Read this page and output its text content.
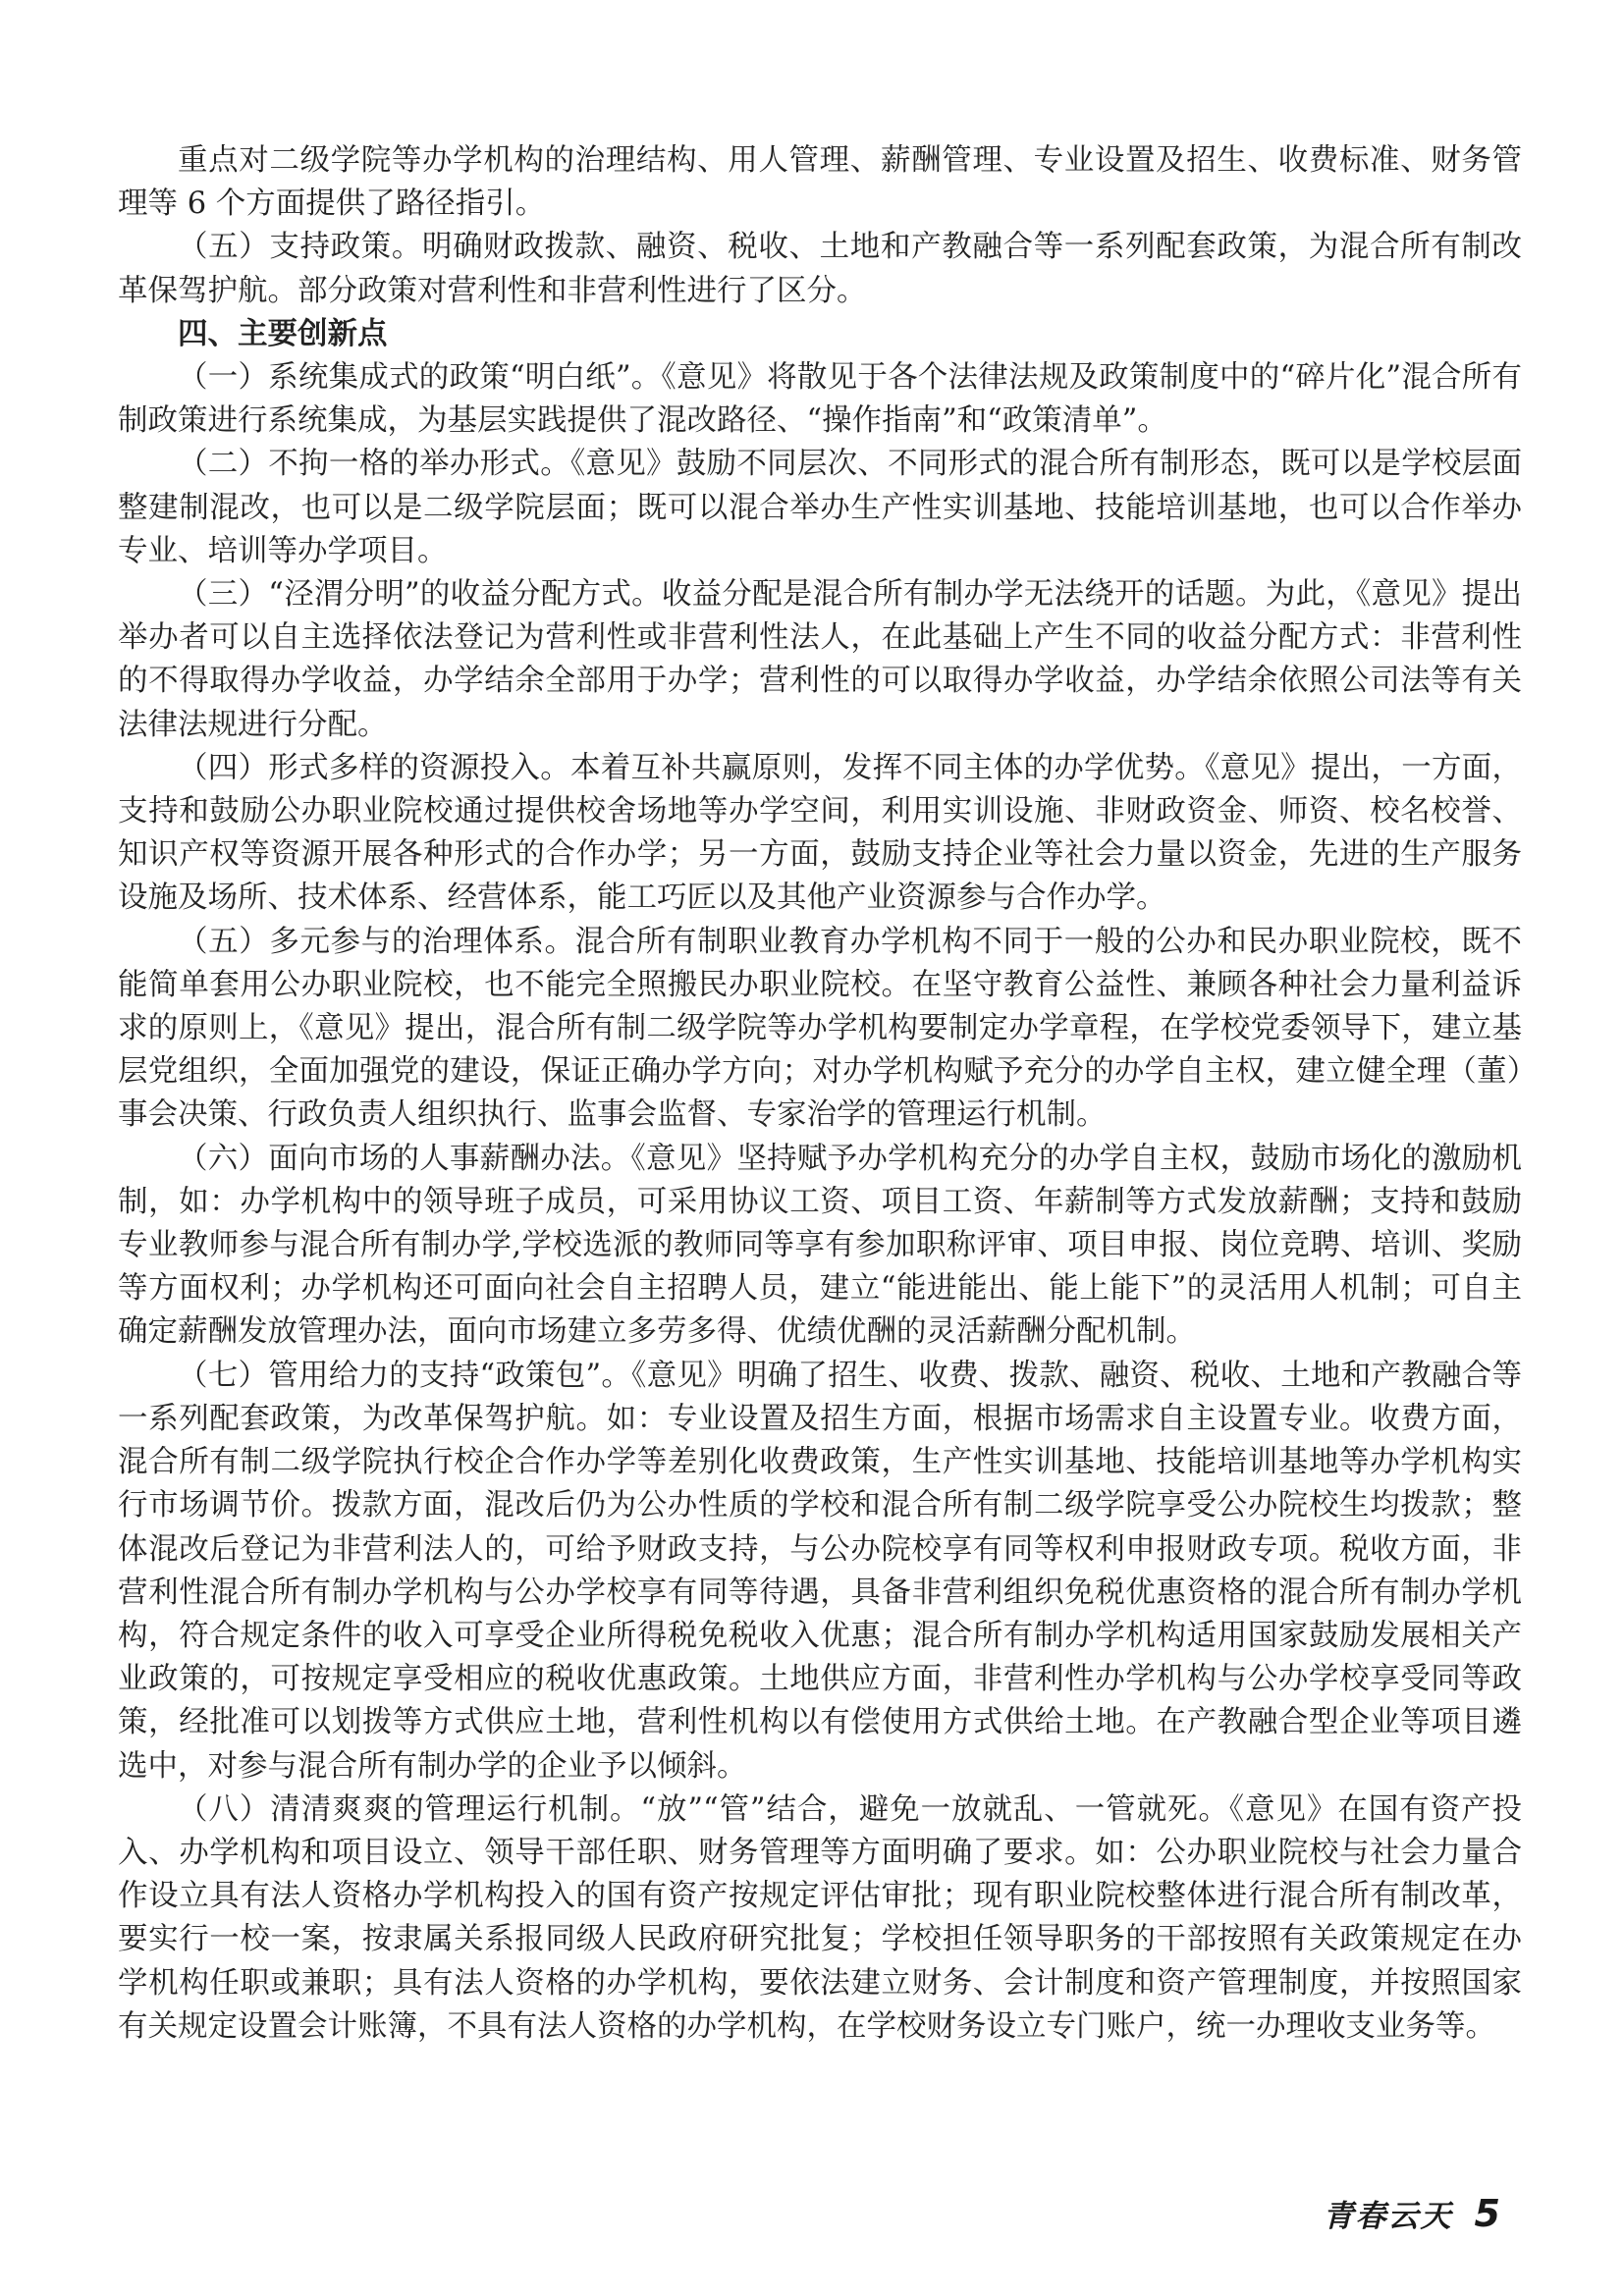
重点对二级学院等办学机构的治理结构、用人管理、薪酬管理、专业设置及招生、收费标准、财务管理等 6 个方面提供了路径指引。

（五）支持政策。明确财政拨款、融资、税收、土地和产教融合等一系列配套政策，为混合所有制改革保驾护航。部分政策对营利性和非营利性进行了区分。

四、主要创新点

（一）系统集成式的政策“明白纸”。《意见》将散见于各个法律法规及政策制度中的“碎片化”混合所有制政策进行系统集成，为基层实践提供了混改路径、“操作指南”和“政策清单”。

（二）不拘一格的举办形式。《意见》鼓励不同层次、不同形式的混合所有制形态，既可以是学校层面整建制混改，也可以是二级学院层面；既可以混合举办生产性实训基地、技能培训基地，也可以合作举办专业、培训等办学项目。

（三）“泾渭分明”的收益分配方式。收益分配是混合所有制办学无法绕开的话题。为此，《意见》提出举办者可以自主选择依法登记为营利性或非营利性法人，在此基础上产生不同的收益分配方式：非营利性的不得取得办学收益，办学结余全部用于办学；营利性的可以取得办学收益，办学结余依照公司法等有关法律法规进行分配。

（四）形式多样的资源投入。本着互补共赢原则，发挥不同主体的办学优势。《意见》提出，一方面，支持和鼓励公办职业院校通过提供校舍场地等办学空间，利用实训设施、非财政资金、师资、校名校誉、知识产权等资源开展各种形式的合作办学；另一方面，鼓励支持企业等社会力量以资金，先进的生产服务设施及场所、技术体系、经营体系，能工巧匠以及其他产业资源参与合作办学。

（五）多元参与的治理体系。混合所有制职业教育办学机构不同于一般的公办和民办职业院校，既不能简单套用公办职业院校，也不能完全照搬民办职业院校。在坚守教育公益性、兼顾各种社会力量利益诉求的原则上，《意见》提出，混合所有制二级学院等办学机构要制定办学章程，在学校党委领导下，建立基层党组织，全面加强党的建设，保证正确办学方向；对办学机构赋予充分的办学自主权，建立健全理（董）事会决策、行政负责人组织执行、监事会监督、专家治学的管理运行机制。

（六）面向市场的人事薪酬办法。《意见》坚持赋予办学机构充分的办学自主权，鼓励市场化的激励机制，如：办学机构中的领导班子成员，可采用协议工资、项目工资、年薪制等方式发放薪酬；支持和鼓励专业教师参与混合所有制办学,学校选派的教师同等享有参加职称评审、项目申报、岗位竞聘、培训、奖励等方面权利；办学机构还可面向社会自主招聘人员，建立“能进能出、能上能下”的灵活用人机制；可自主确定薪酬发放管理办法，面向市场建立多劳多得、优绩优酬的灵活薪酬分配机制。

（七）管用给力的支持“政策包”。《意见》明确了招生、收费、拨款、融资、税收、土地和产教融合等一系列配套政策，为改革保驾护航。如：专业设置及招生方面，根据市场需求自主设置专业。收费方面，混合所有制二级学院执行校企合作办学等差别化收费政策，生产性实训基地、技能培训基地等办学机构实行市场调节价。拨款方面，混改后仍为公办性质的学校和混合所有制二级学院享受公办院校生均拨款；整体混改后登记为非营利法人的，可给予财政支持，与公办院校享有同等权利申报财政专项。税收方面，非营利性混合所有制办学机构与公办学校享有同等待遇，具备非营利组织免税优惠资格的混合所有制办学机构，符合规定条件的收入可享受企业所得税免税收入优惠；混合所有制办学机构适用国家鼓励发展相关产业政策的，可按规定享受相应的税收优惠政策。土地供应方面，非营利性办学机构与公办学校享受同等政策，经批准可以划拨等方式供应土地，营利性机构以有偿使用方式供给土地。在产教融合型企业等项目遴选中，对参与混合所有制办学的企业予以倾斜。

（八）清清爽爽的管理运行机制。“放”“管”结合，避免一放就乱、一管就死。《意见》在国有资产投入、办学机构和项目设立、领导干部任职、财务管理等方面明确了要求。如：公办职业院校与社会力量合作设立具有法人资格办学机构投入的国有资产按规定评估审批；现有职业院校整体进行混合所有制改革，要实行一校一案，按隶属关系报同级人民政府研究批复；学校担任领导职务的干部按照有关政策规定在办学机构任职或兼职；具有法人资格的办学机构，要依法建立财务、会计制度和资产管理制度，并按照国家有关规定设置会计账簿，不具有法人资格的办学机构，在学校财务设立专门账户，统一办理收支业务等。

青春云天 5
